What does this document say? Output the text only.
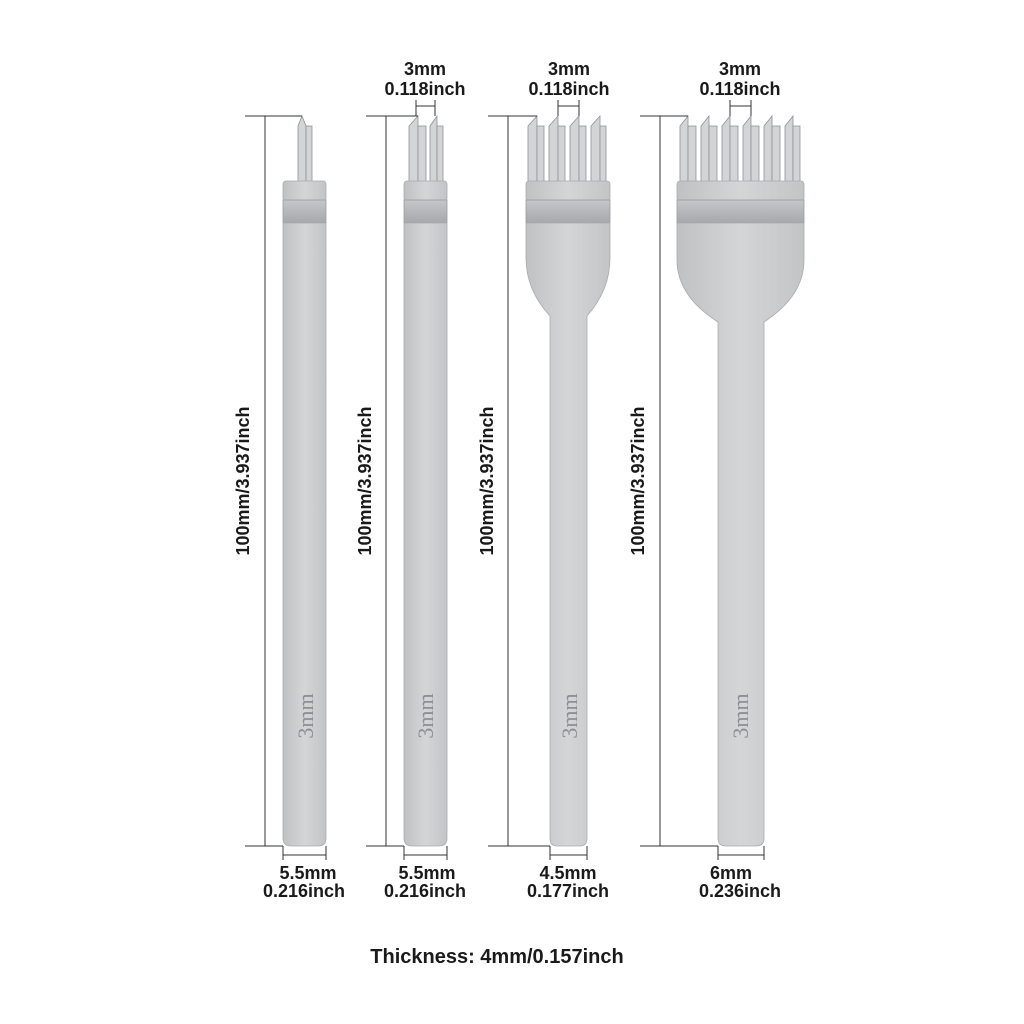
3mm
100mm/3.937inch
5.5mm
0.216inch
3mm
3mm
0.118inch
100mm/3.937inch
5.5mm
0.216inch
3mm
3mm
0.118inch
100mm/3.937inch
4.5mm
0.177inch
3mm
3mm
0.118inch
100mm/3.937inch
6mm
0.236inch
Thickness: 4mm/0.157inch
